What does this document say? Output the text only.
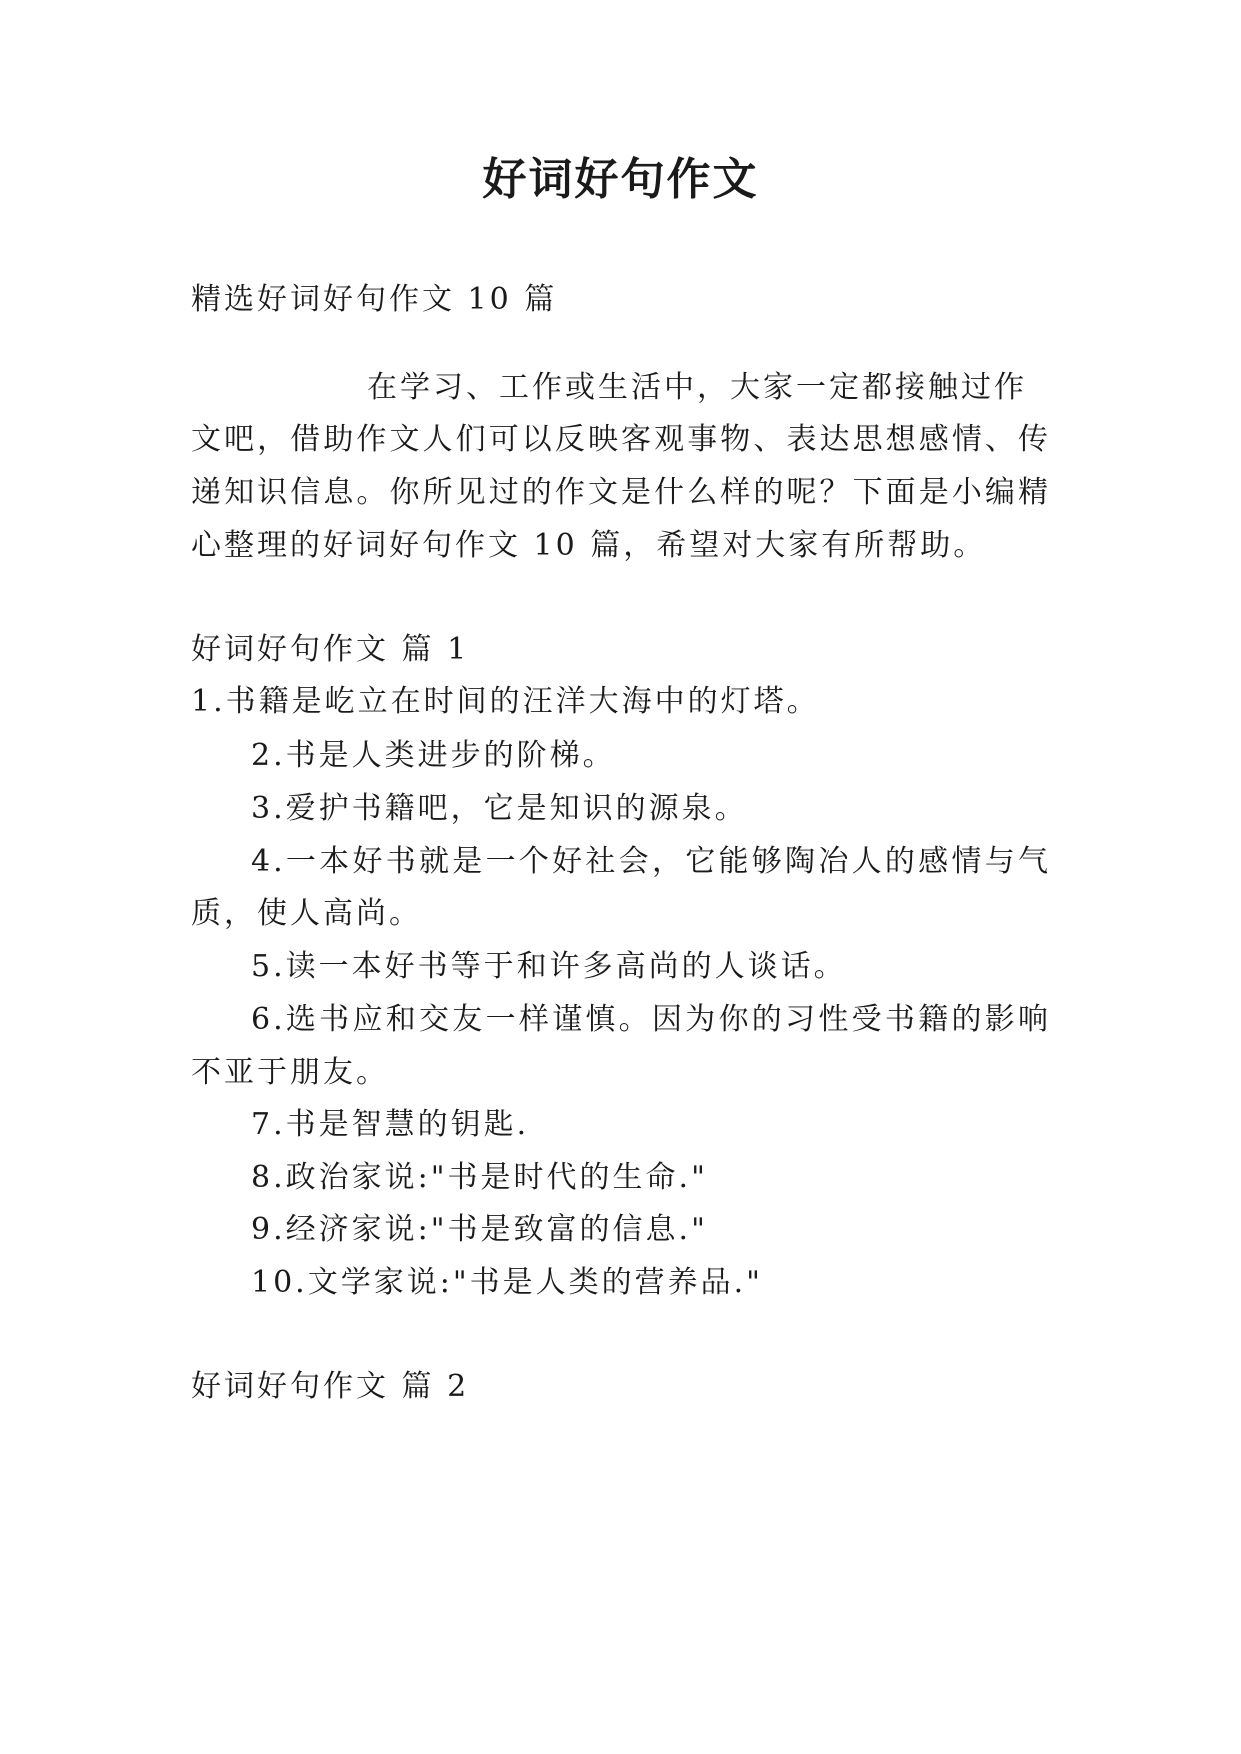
好词好句作文
精选好词好句作文 10 篇
在学习、工作或生活中，大家一定都接触过作
文吧，借助作文人们可以反映客观事物、表达思想感情、传
递知识信息。你所见过的作文是什么样的呢？下面是小编精
心整理的好词好句作文 10 篇，希望对大家有所帮助。
好词好句作文 篇 1
1.书籍是屹立在时间的汪洋大海中的灯塔。
2.书是人类进步的阶梯。
3.爱护书籍吧，它是知识的源泉。
4.一本好书就是一个好社会，它能够陶冶人的感情与气
质，使人高尚。
5.读一本好书等于和许多高尚的人谈话。
6.选书应和交友一样谨慎。因为你的习性受书籍的影响
不亚于朋友。
7.书是智慧的钥匙.
8.政治家说:"书是时代的生命."
9.经济家说:"书是致富的信息."
10.文学家说:"书是人类的营养品."
好词好句作文 篇 2
